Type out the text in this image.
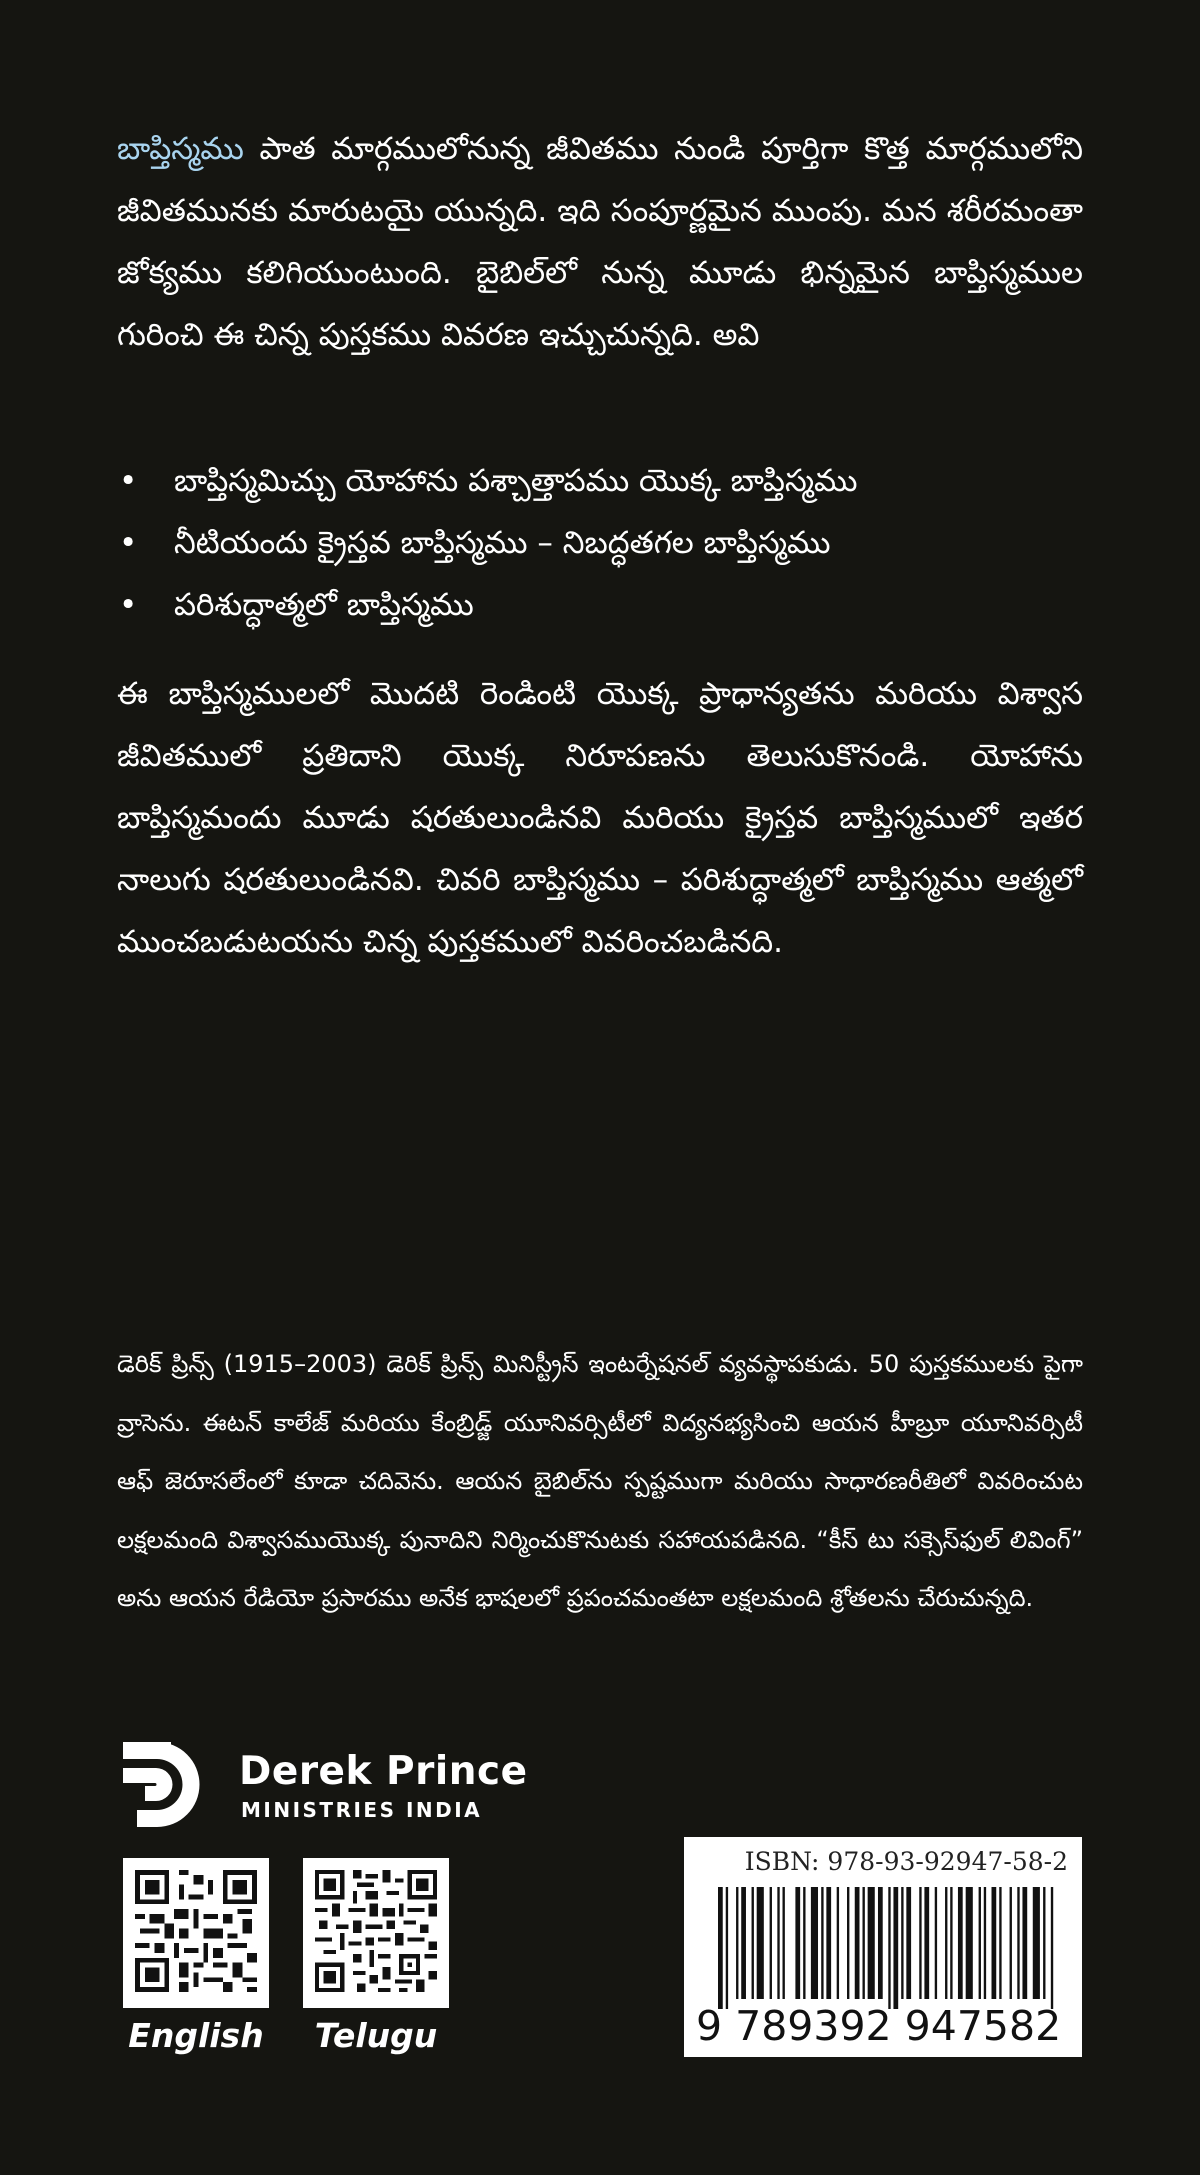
బాప్తిస్మము పాత మార్గములోనున్న జీవితము నుండి పూర్తిగా కొత్త మార్గములోని జీవితమునకు మారుటయై యున్నది. ఇది సంపూర్ణమైన ముంపు. మన శరీరమంతా జోక్యము కలిగియుంటుంది. బైబిల్‌లో నున్న మూడు భిన్నమైన బాప్తిస్మముల గురించి ఈ చిన్న పుస్తకము వివరణ ఇచ్చుచున్నది. అవి

• బాప్తిస్మమిచ్చు యోహాను పశ్చాత్తాపము యొక్క బాప్తిస్మము
• నీటియందు క్రైస్తవ బాప్తిస్మము – నిబద్ధతగల బాప్తిస్మము
• పరిశుద్ధాత్మలో బాప్తిస్మము

ఈ బాప్తిస్మములలో మొదటి రెండింటి యొక్క ప్రాధాన్యతను మరియు విశ్వాస జీవితములో ప్రతిదాని యొక్క నిరూపణను తెలుసుకొనండి. యోహాను బాప్తిస్మమందు మూడు షరతులుండినవి మరియు క్రైస్తవ బాప్తిస్మములో ఇతర నాలుగు షరతులుండినవి. చివరి బాప్తిస్మము – పరిశుద్ధాత్మలో బాప్తిస్మము ఆత్మలో ముంచబడుటయను చిన్న పుస్తకములో వివరించబడినది.

డెరిక్ ప్రిన్స్ (1915–2003) డెరిక్ ప్రిన్స్ మినిస్ట్రీస్ ఇంటర్నేషనల్ వ్యవస్థాపకుడు. 50 పుస్తకములకు పైగా వ్రాసెను. ఈటన్ కాలేజ్ మరియు కేంబ్రిడ్జ్ యూనివర్సిటీలో విద్యనభ్యసించి ఆయన హీబ్రూ యూనివర్సిటీ ఆఫ్ జెరూసలేంలో కూడా చదివెను. ఆయన బైబిల్‌ను స్పష్టముగా మరియు సాధారణరీతిలో వివరించుట లక్షలమంది విశ్వాసముయొక్క పునాదిని నిర్మించుకొనుటకు సహాయపడినది. “కీస్ టు సక్సెస్‌ఫుల్ లివింగ్” అను ఆయన రేడియో ప్రసారము అనేక భాషలలో ప్రపంచమంతటా లక్షలమంది శ్రోతలను చేరుచున్నది.

Derek Prince
MINISTRIES INDIA
English	Telugu
ISBN: 978-93-92947-58-2
9 789392 947582
